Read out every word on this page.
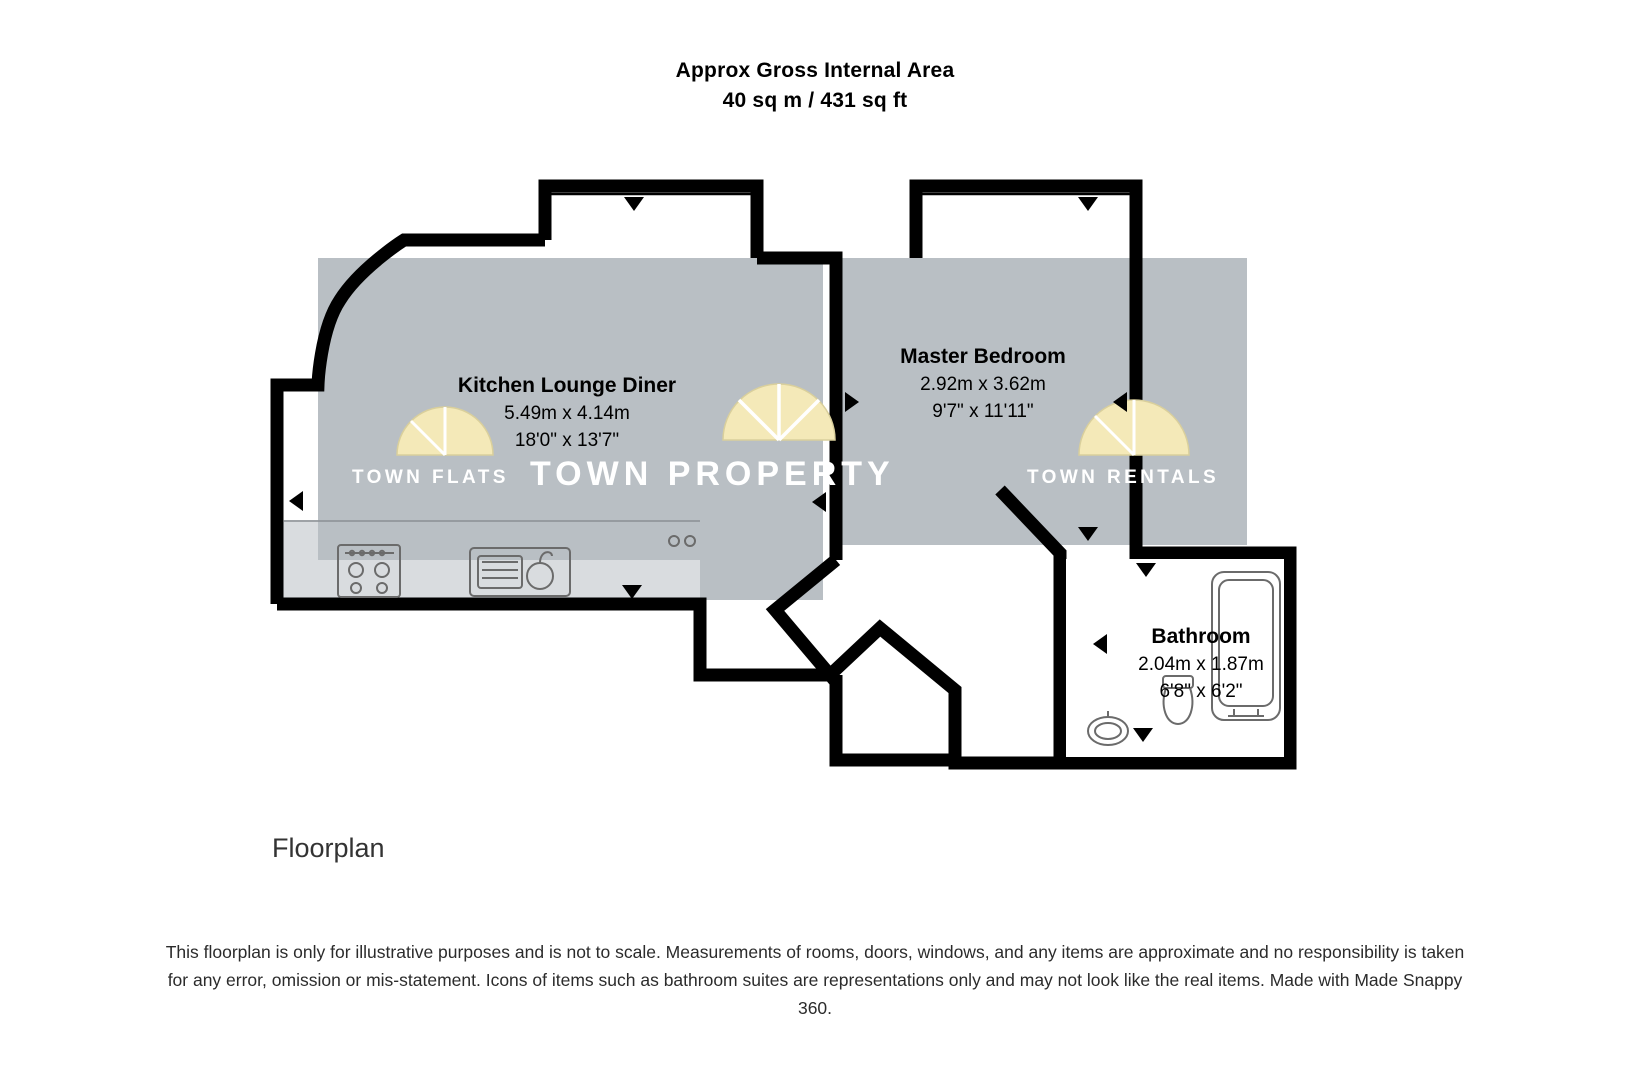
Approx Gross Internal Area
40 sq m / 431 sq ft
Kitchen Lounge Diner
5.49m x 4.14m
18'0" x 13'7"
Master Bedroom
2.92m x 3.62m
9'7" x 11'11"
Bathroom
2.04m x 1.87m
6'8" x 6'2"
TOWN PROPERTY
TOWN FLATS	TOWN RENTALS
Floorplan
This floorplan is only for illustrative purposes and is not to scale. Measurements of rooms, doors, windows, and any items are approximate and no responsibility is taken for any error, omission or mis-statement. Icons of items such as bathroom suites are representations only and may not look like the real items. Made with Made Snappy 360.
